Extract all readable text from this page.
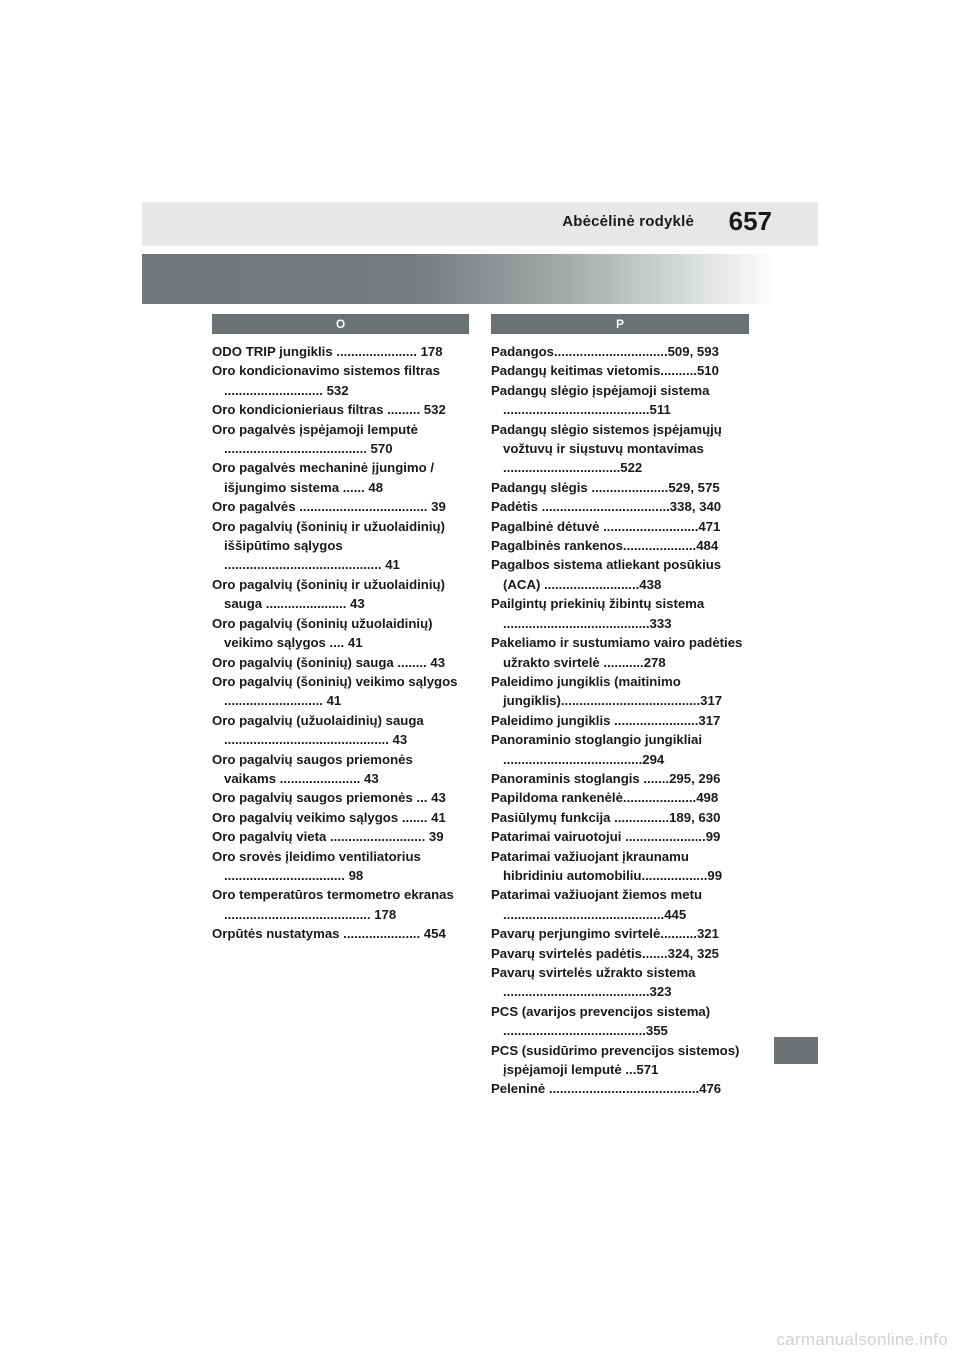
Abėcėlinė rodyklė 657
O	P

ODO TRIP jungiklis ...................... 178

Oro kondicionavimo sistemos filtras ........................... 532

Oro kondicionieriaus filtras ......... 532

Oro pagalvės įspėjamoji lemputė ....................................... 570

Oro pagalvės mechaninė įjungimo / išjungimo sistema ...... 48

Oro pagalvės ................................... 39

Oro pagalvių (šoninių ir užuolaidinių) iššipūtimo sąlygos ........................................... 41

Oro pagalvių (šoninių ir užuolaidinių) sauga ...................... 43

Oro pagalvių (šoninių užuolaidinių) veikimo sąlygos .... 41

Oro pagalvių (šoninių) sauga ........ 43

Oro pagalvių (šoninių) veikimo sąlygos ........................... 41

Oro pagalvių (užuolaidinių) sauga ............................................. 43

Oro pagalvių saugos priemonės vaikams ...................... 43

Oro pagalvių saugos priemonės ... 43

Oro pagalvių veikimo sąlygos ....... 41

Oro pagalvių vieta .......................... 39

Oro srovės įleidimo ventiliatorius ................................. 98

Oro temperatūros termometro ekranas ........................................ 178

Orpūtės nustatymas ..................... 454

Padangos...............................509, 593

Padangų keitimas vietomis..........510

Padangų slėgio įspėjamoji sistema ........................................511

Padangų slėgio sistemos įspėjamųjų vožtuvų ir siųstuvų montavimas ................................522

Padangų slėgis .....................529, 575

Padėtis ...................................338, 340

Pagalbinė dėtuvė ..........................471

Pagalbinės rankenos....................484

Pagalbos sistema atliekant posūkius (ACA) ..........................438

Pailgintų priekinių žibintų sistema ........................................333

Pakeliamo ir sustumiamo vairo padėties užrakto svirtelė ...........278

Paleidimo jungiklis (maitinimo jungiklis)......................................317

Paleidimo jungiklis .......................317

Panoraminio stoglangio jungikliai ......................................294

Panoraminis stoglangis .......295, 296

Papildoma rankenėlė....................498

Pasiūlymų funkcija ...............189, 630

Patarimai vairuotojui ......................99

Patarimai važiuojant įkraunamu hibridiniu automobiliu..................99

Patarimai važiuojant žiemos metu ............................................445

Pavarų perjungimo svirtelė..........321

Pavarų svirtelės padėtis.......324, 325

Pavarų svirtelės užrakto sistema ........................................323

PCS (avarijos prevencijos sistema) .......................................355

PCS (susidūrimo prevencijos sistemos) įspėjamoji lemputė ...571

Peleninė .........................................476

carmanualsonline.info
